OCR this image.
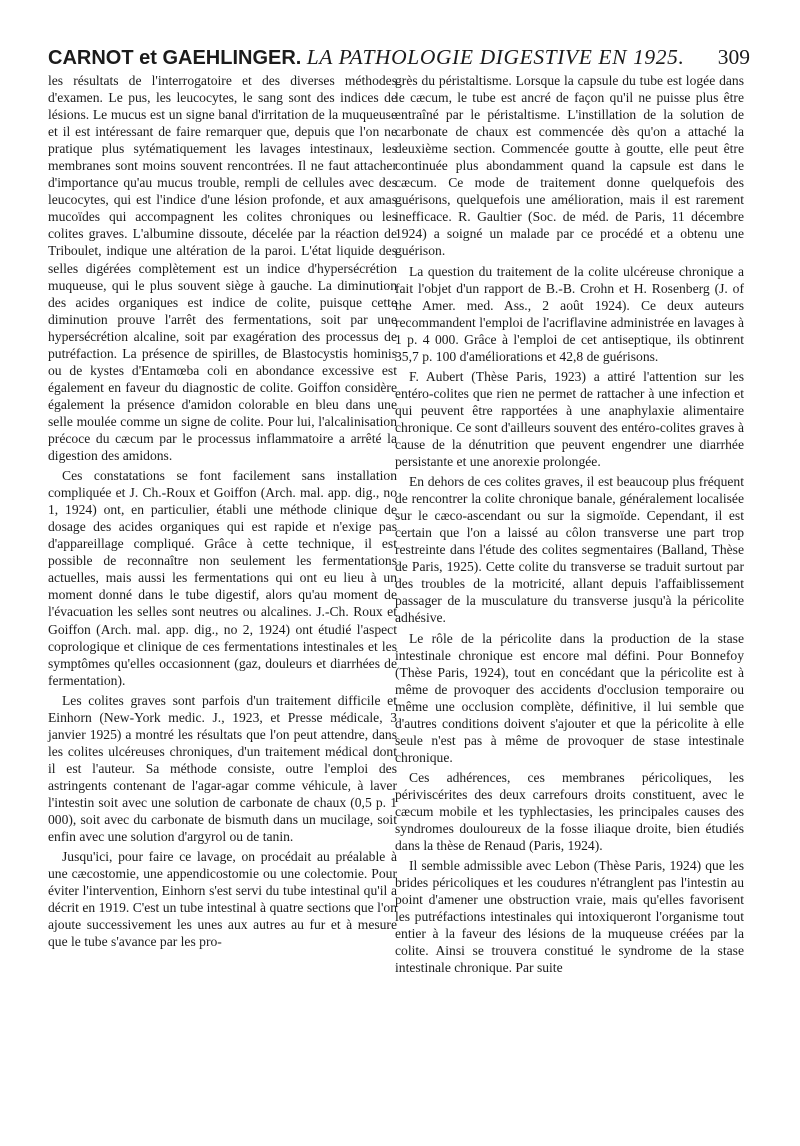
CARNOT et GAEHLINGER. LA PATHOLOGIE DIGESTIVE EN 1925. 309

les résultats de l'interrogatoire et des diverses méthodes d'examen. Le pus, les leucocytes, le sang sont des indices de lésions. Le mucus est un signe banal d'irritation de la muqueuse et il est intéressant de faire remarquer que, depuis que l'on ne pratique plus sytématiquement les lavages intestinaux, les membranes sont moins souvent rencontrées. Il ne faut attacher d'importance qu'au mucus trouble, rempli de cellules avec des leucocytes, qui est l'indice d'une lésion profonde, et aux amas mucoïdes qui accompagnent les colites chroniques ou les colites graves. L'albumine dissoute, décelée par la réaction de Triboulet, indique une altération de la paroi. L'état liquide des selles digérées complètement est un indice d'hypersécrétion muqueuse, qui le plus souvent siège à gauche. La diminution des acides organiques est indice de colite, puisque cette diminution prouve l'arrêt des fermentations, soit par une hypersécrétion alcaline, soit par exagération des processus de putréfaction. La présence de spirilles, de Blastocystis hominis ou de kystes d'Entamœba coli en abondance excessive est également en faveur du diagnostic de colite. Goiffon considère également la présence d'amidon colorable en bleu dans une selle moulée comme un signe de colite. Pour lui, l'alcalinisation précoce du cæcum par le processus inflammatoire a arrêté la digestion des amidons.

Ces constatations se font facilement sans installation compliquée et J. Ch.-Roux et Goiffon (Arch. mal. app. dig., no 1, 1924) ont, en particulier, établi une méthode clinique de dosage des acides organiques qui est rapide et n'exige pas d'appareillage compliqué. Grâce à cette technique, il est possible de reconnaître non seulement les fermentations actuelles, mais aussi les fermentations qui ont eu lieu à un moment donné dans le tube digestif, alors qu'au moment de l'évacuation les selles sont neutres ou alcalines. J.-Ch. Roux et Goiffon (Arch. mal. app. dig., no 2, 1924) ont étudié l'aspect coprologique et clinique de ces fermentations intestinales et les symptômes qu'elles occasionnent (gaz, douleurs et diarrhées de fermentation).

Les colites graves sont parfois d'un traitement difficile et Einhorn (New-York medic. J., 1923, et Presse médicale, 3 janvier 1925) a montré les résultats que l'on peut attendre, dans les colites ulcéreuses chroniques, d'un traitement médical dont il est l'auteur. Sa méthode consiste, outre l'emploi des astringents contenant de l'agar-agar comme véhicule, à laver l'intestin soit avec une solution de carbonate de chaux (0,5 p. 1 000), soit avec du carbonate de bismuth dans un mucilage, soit enfin avec une solution d'argyrol ou de tanin.

Jusqu'ici, pour faire ce lavage, on procédait au préalable à une cæcostomie, une appendicostomie ou une colectomie. Pour éviter l'intervention, Einhorn s'est servi du tube intestinal qu'il a décrit en 1919. C'est un tube intestinal à quatre sections que l'on ajoute successivement les unes aux autres au fur et à mesure que le tube s'avance par les pro-

grès du péristaltisme. Lorsque la capsule du tube est logée dans le cæcum, le tube est ancré de façon qu'il ne puisse plus être entraîné par le péristaltisme. L'instillation de la solution de carbonate de chaux est commencée dès qu'on a attaché la deuxième section. Commencée goutte à goutte, elle peut être continuée plus abondamment quand la capsule est dans le cæcum. Ce mode de traitement donne quelquefois des guérisons, quelquefois une amélioration, mais il est rarement inefficace. R. Gaultier (Soc. de méd. de Paris, 11 décembre 1924) a soigné un malade par ce procédé et a obtenu une guérison.

La question du traitement de la colite ulcéreuse chronique a fait l'objet d'un rapport de B.-B. Crohn et H. Rosenberg (J. of the Amer. med. Ass., 2 août 1924). Ce deux auteurs recommandent l'emploi de l'acriflavine administrée en lavages à 1 p. 4 000. Grâce à l'emploi de cet antiseptique, ils obtinrent 35,7 p. 100 d'améliorations et 42,8 de guérisons.

F. Aubert (Thèse Paris, 1923) a attiré l'attention sur les entéro-colites que rien ne permet de rattacher à une infection et qui peuvent être rapportées à une anaphylaxie alimentaire chronique. Ce sont d'ailleurs souvent des entéro-colites graves à cause de la dénutrition que peuvent engendrer une diarrhée persistante et une anorexie prolongée.

En dehors de ces colites graves, il est beaucoup plus fréquent de rencontrer la colite chronique banale, généralement localisée sur le cæco-ascendant ou sur la sigmoïde. Cependant, il est certain que l'on a laissé au côlon transverse une part trop restreinte dans l'étude des colites segmentaires (Balland, Thèse de Paris, 1925). Cette colite du transverse se traduit surtout par des troubles de la motricité, allant depuis l'affaiblissement passager de la musculature du transverse jusqu'à la péricolite adhésive.

Le rôle de la péricolite dans la production de la stase intestinale chronique est encore mal défini. Pour Bonnefoy (Thèse Paris, 1924), tout en concédant que la péricolite est à même de provoquer des accidents d'occlusion temporaire ou même une occlusion complète, définitive, il lui semble que d'autres conditions doivent s'ajouter et que la péricolite à elle seule n'est pas à même de provoquer de stase intestinale chronique.

Ces adhérences, ces membranes péricoliques, les périviscérites des deux carrefours droits constituent, avec le cæcum mobile et les typhlectasies, les principales causes des syndromes douloureux de la fosse iliaque droite, bien étudiés dans la thèse de Renaud (Paris, 1924).

Il semble admissible avec Lebon (Thèse Paris, 1924) que les brides péricoliques et les coudures n'étranglent pas l'intestin au point d'amener une obstruction vraie, mais qu'elles favorisent les putréfactions intestinales qui intoxiqueront l'organisme tout entier à la faveur des lésions de la muqueuse créées par la colite. Ainsi se trouvera constitué le syndrome de la stase intestinale chronique. Par suite
